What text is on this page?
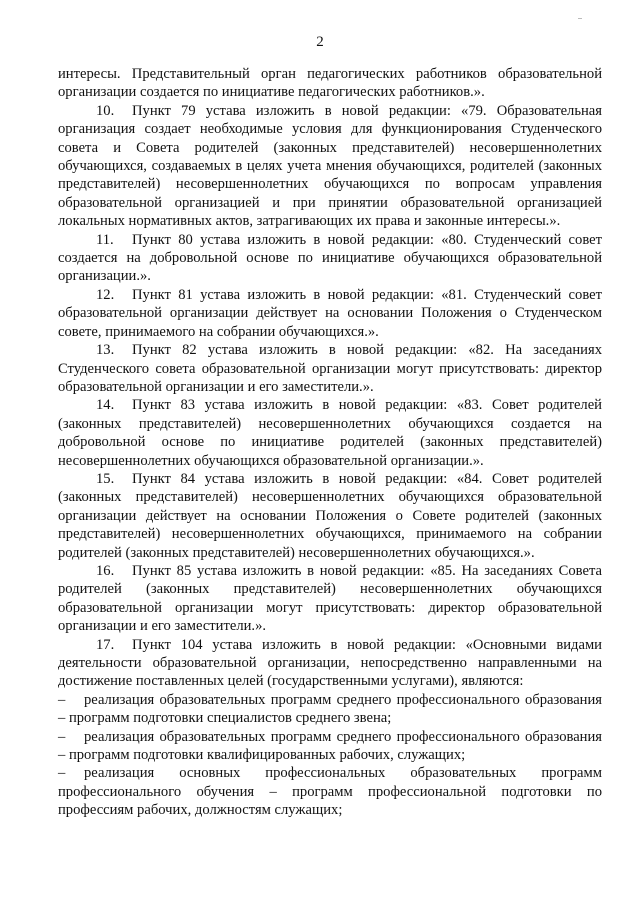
2

интересы. Представительный орган педагогических работников образовательной организации создается по инициативе педагогических работников.».

10. Пункт 79 устава изложить в новой редакции: «79. Образовательная организация создает необходимые условия для функционирования Студенческого совета и Совета родителей (законных представителей) несовершеннолетних обучающихся, создаваемых в целях учета мнения обучающихся, родителей (законных представителей) несовершеннолетних обучающихся по вопросам управления образовательной организацией и при принятии образовательной организацией локальных нормативных актов, затрагивающих их права и законные интересы.».

11. Пункт 80 устава изложить в новой редакции: «80. Студенческий совет создается на добровольной основе по инициативе обучающихся образовательной организации.».

12. Пункт 81 устава изложить в новой редакции: «81. Студенческий совет образовательной организации действует на основании Положения о Студенческом совете, принимаемого на собрании обучающихся.».

13. Пункт 82 устава изложить в новой редакции: «82. На заседаниях Студенческого совета образовательной организации могут присутствовать: директор образовательной организации и его заместители.».

14. Пункт 83 устава изложить в новой редакции: «83. Совет родителей (законных представителей) несовершеннолетних обучающихся создается на добровольной основе по инициативе родителей (законных представителей) несовершеннолетних обучающихся образовательной организации.».

15. Пункт 84 устава изложить в новой редакции: «84. Совет родителей (законных представителей) несовершеннолетних обучающихся образовательной организации действует на основании Положения о Совете родителей (законных представителей) несовершеннолетних обучающихся, принимаемого на собрании родителей (законных представителей) несовершеннолетних обучающихся.».

16. Пункт 85 устава изложить в новой редакции: «85. На заседаниях Совета родителей (законных представителей) несовершеннолетних обучающихся образовательной организации могут присутствовать: директор образовательной организации и его заместители.».

17. Пункт 104 устава изложить в новой редакции: «Основными видами деятельности образовательной организации, непосредственно направленными на достижение поставленных целей (государственными услугами), являются:

– реализация образовательных программ среднего профессионального образования – программ подготовки специалистов среднего звена;

– реализация образовательных программ среднего профессионального образования – программ подготовки квалифицированных рабочих, служащих;

– реализация основных профессиональных образовательных программ профессионального обучения – программ профессиональной подготовки по профессиям рабочих, должностям служащих;
